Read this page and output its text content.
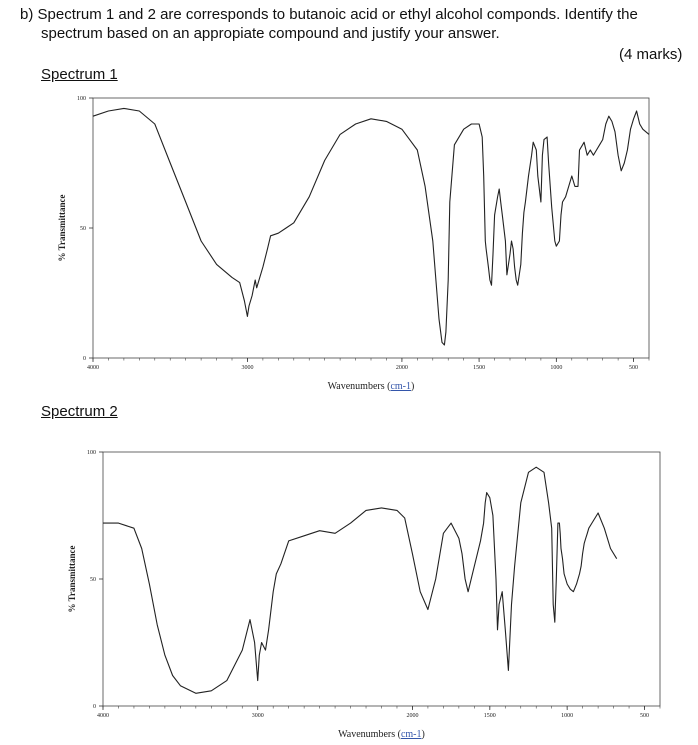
b) Spectrum 1 and 2 are corresponds to butanoic acid or ethyl alcohol componds. Identify the
spectrum based on an appropiate compound and justify your answer.
(4 marks)
Spectrum 1
Spectrum 2
4000	3000	2000	1500	1000	500
0
50
100
% Transmittance
Wavenumbers (cm-1)
4000	3000	2000	1500	1000	500
0
50
100
% Transmittance
Wavenumbers (cm-1)
